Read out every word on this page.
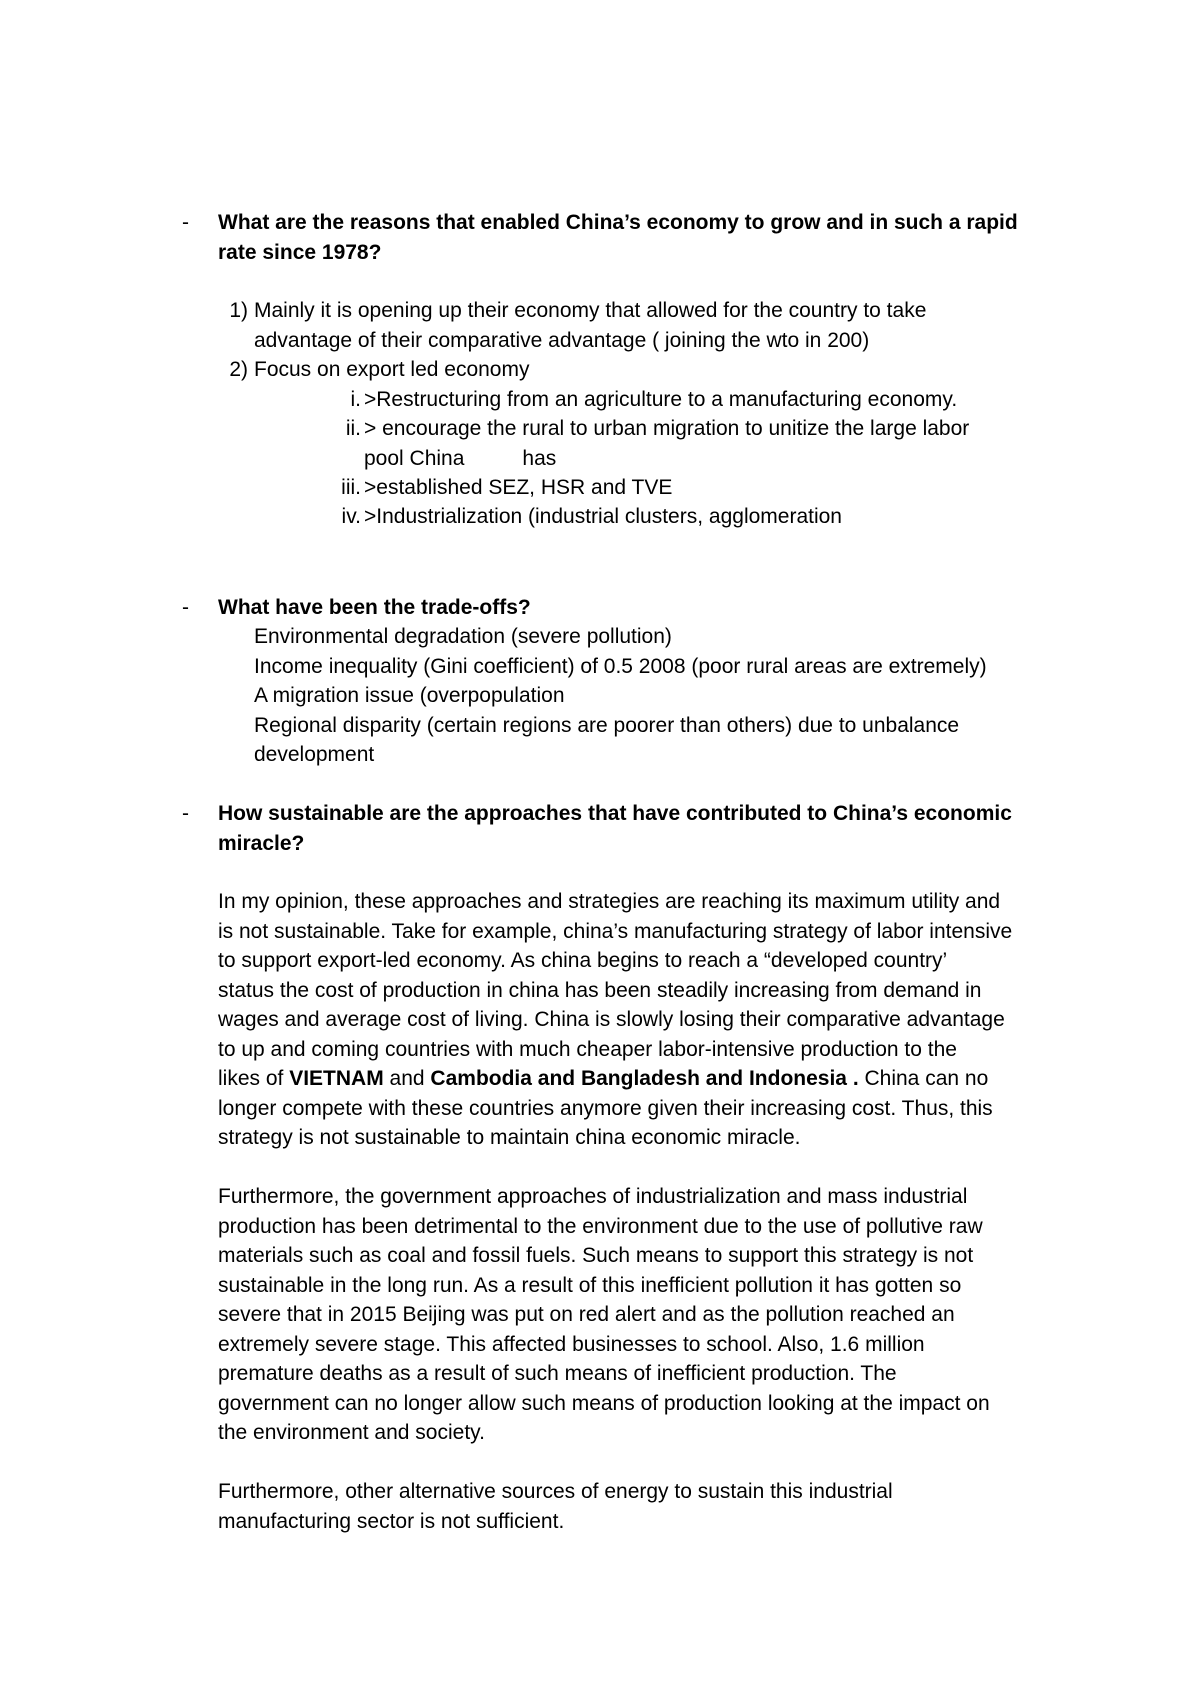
-	What are the reasons that enabled China’s economy to grow and in such a rapid
rate since 1978?
1) Mainly it is opening up their economy that allowed for the country to take
advantage of their comparative advantage ( joining the wto in 200)
2) Focus on export led economy
i. >Restructuring from an agriculture to a manufacturing economy.
ii. > encourage the rural to urban migration to unitize the large labor
pool China	has
iii. >established SEZ, HSR and TVE
iv. >Industrialization (industrial clusters, agglomeration
-	What have been the trade-offs?
Environmental degradation (severe pollution)
Income inequality (Gini coefficient) of 0.5 2008 (poor rural areas are extremely)
A migration issue (overpopulation
Regional disparity (certain regions are poorer than others) due to unbalance
development
-	How sustainable are the approaches that have contributed to China’s economic
miracle?

In my opinion, these approaches and strategies are reaching its maximum utility and

is not sustainable. Take for example, china’s manufacturing strategy of labor intensive

to support export-led economy. As china begins to reach a “developed country’

status the cost of production in china has been steadily increasing from demand in

wages and average cost of living. China is slowly losing their comparative advantage

to up and coming countries with much cheaper labor-intensive production to the

likes of VIETNAM and Cambodia and Bangladesh and Indonesia . China can no

longer compete with these countries anymore given their increasing cost. Thus, this

strategy is not sustainable to maintain china economic miracle.

Furthermore, the government approaches of industrialization and mass industrial

production has been detrimental to the environment due to the use of pollutive raw

materials such as coal and fossil fuels. Such means to support this strategy is not

sustainable in the long run. As a result of this inefficient pollution it has gotten so

severe that in 2015 Beijing was put on red alert and as the pollution reached an

extremely severe stage. This affected businesses to school. Also, 1.6 million

premature deaths as a result of such means of inefficient production. The

government can no longer allow such means of production looking at the impact on

the environment and society.

Furthermore, other alternative sources of energy to sustain this industrial

manufacturing sector is not sufficient.
